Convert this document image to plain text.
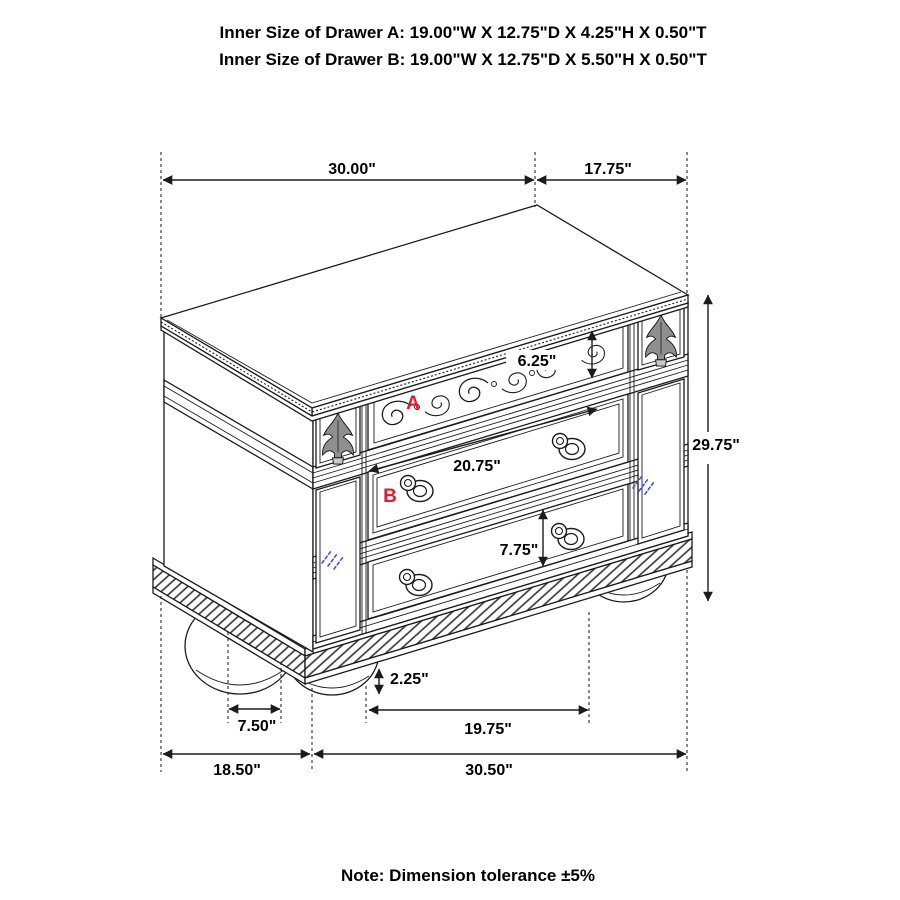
Inner Size of Drawer A: 19.00"W X 12.75"D X 4.25"H X 0.50"T
Inner Size of Drawer B: 19.00"W X 12.75"D X 5.50"H X 0.50"T
30.00"	17.75"
29.75"
6.25"
20.75"
7.75"
2.25"
7.50"	19.75"
18.50"	30.50"
A
B
Note: Dimension tolerance ±5%
